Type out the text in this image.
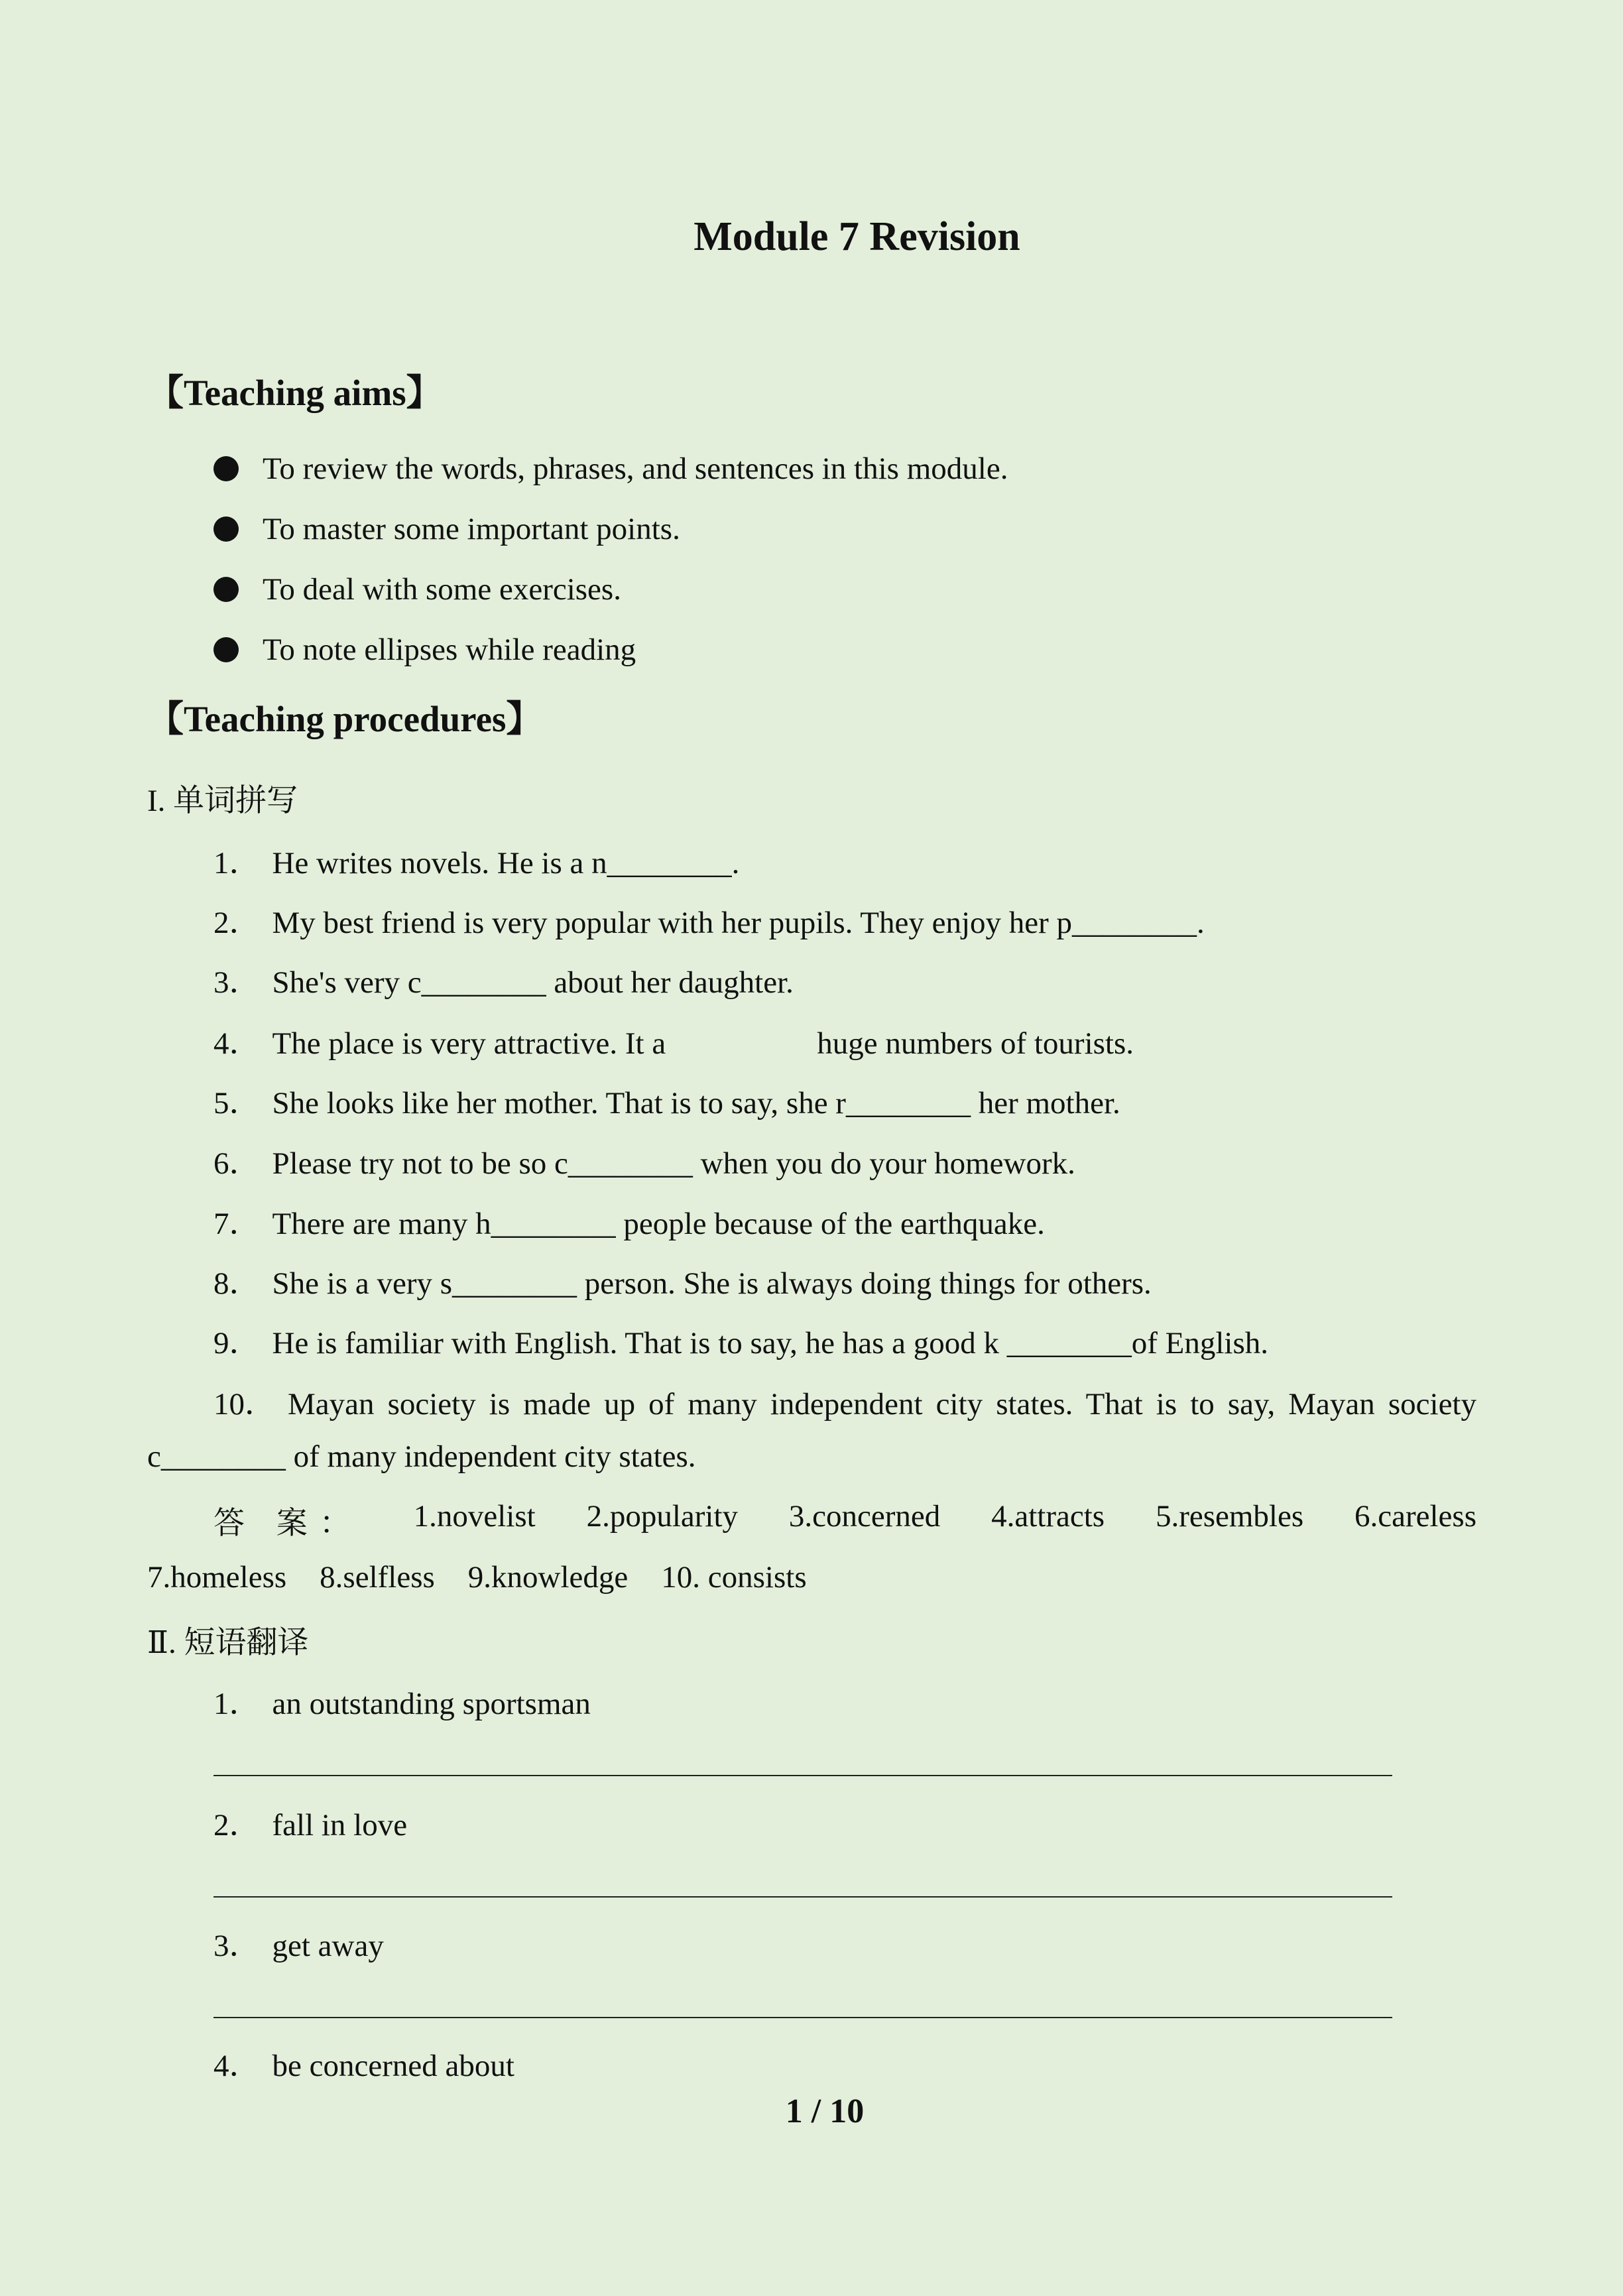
Module 7 Revision
【Teaching aims】
To review the words, phrases, and sentences in this module.
To master some important points.
To deal with some exercises.
To note ellipses while reading
【Teaching procedures】
I. 单词拼写
1． He writes novels. He is a n________.
2． My best friend is very popular with her pupils. They enjoy her p________.
3． She's very c________ about her daughter.
4． The place is very attractive. It a	huge numbers of tourists.
5． She looks like her mother. That is to say, she r________ her mother.
6． Please try not to be so c________ when you do your homework.
7． There are many h________ people because of the earthquake.
8． She is a very s________ person. She is always doing things for others.
9． He is familiar with English. That is to say, he has a good k ________of English.
10． Mayan society is made up of many independent city states. That is to say, Mayan society
c________ of many independent city states.
答 案： 1.novelist 2.popularity 3.concerned 4.attracts 5.resembles 6.careless
7.homeless 8.selfless 9.knowledge 10. consists
Ⅱ. 短语翻译
1． an outstanding sportsman
2． fall in love
3． get away
4． be concerned about
1 / 10
